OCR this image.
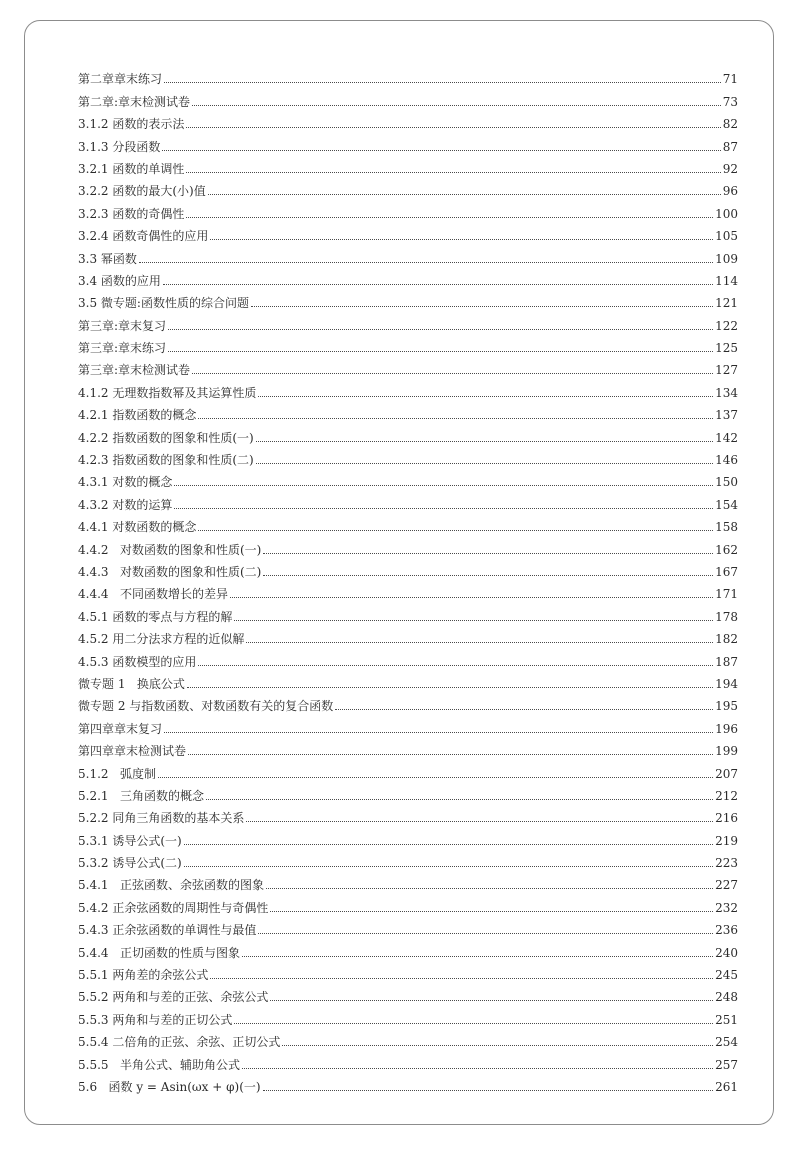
第二章章末练习	71
第二章:章末检测试卷	73
3.1.2 函数的表示法	82
3.1.3 分段函数	87
3.2.1 函数的单调性	92
3.2.2 函数的最大(小)值	96
3.2.3 函数的奇偶性	100
3.2.4 函数奇偶性的应用	105
3.3 幂函数	109
3.4 函数的应用	114
3.5 微专题:函数性质的综合问题	121
第三章:章末复习	122
第三章:章末练习	125
第三章:章末检测试卷	127
4.1.2 无理数指数幂及其运算性质	134
4.2.1 指数函数的概念	137
4.2.2 指数函数的图象和性质(一)	142
4.2.3 指数函数的图象和性质(二)	146
4.3.1 对数的概念	150
4.3.2 对数的运算	154
4.4.1 对数函数的概念	158
4.4.2   对数函数的图象和性质(一)	162
4.4.3   对数函数的图象和性质(二)	167
4.4.4   不同函数增长的差异	171
4.5.1 函数的零点与方程的解	178
4.5.2 用二分法求方程的近似解	182
4.5.3 函数模型的应用	187
微专题 1   换底公式	194
微专题 2 与指数函数、对数函数有关的复合函数	195
第四章章末复习	196
第四章章末检测试卷	199
5.1.2   弧度制	207
5.2.1   三角函数的概念	212
5.2.2 同角三角函数的基本关系	216
5.3.1 诱导公式(一)	219
5.3.2 诱导公式(二)	223
5.4.1   正弦函数、余弦函数的图象	227
5.4.2 正余弦函数的周期性与奇偶性	232
5.4.3 正余弦函数的单调性与最值	236
5.4.4   正切函数的性质与图象	240
5.5.1 两角差的余弦公式	245
5.5.2 两角和与差的正弦、余弦公式	248
5.5.3 两角和与差的正切公式	251
5.5.4 二倍角的正弦、余弦、正切公式	254
5.5.5   半角公式、辅助角公式	257
5.6   函数 y = Asin(ωx + φ)(一)	261
